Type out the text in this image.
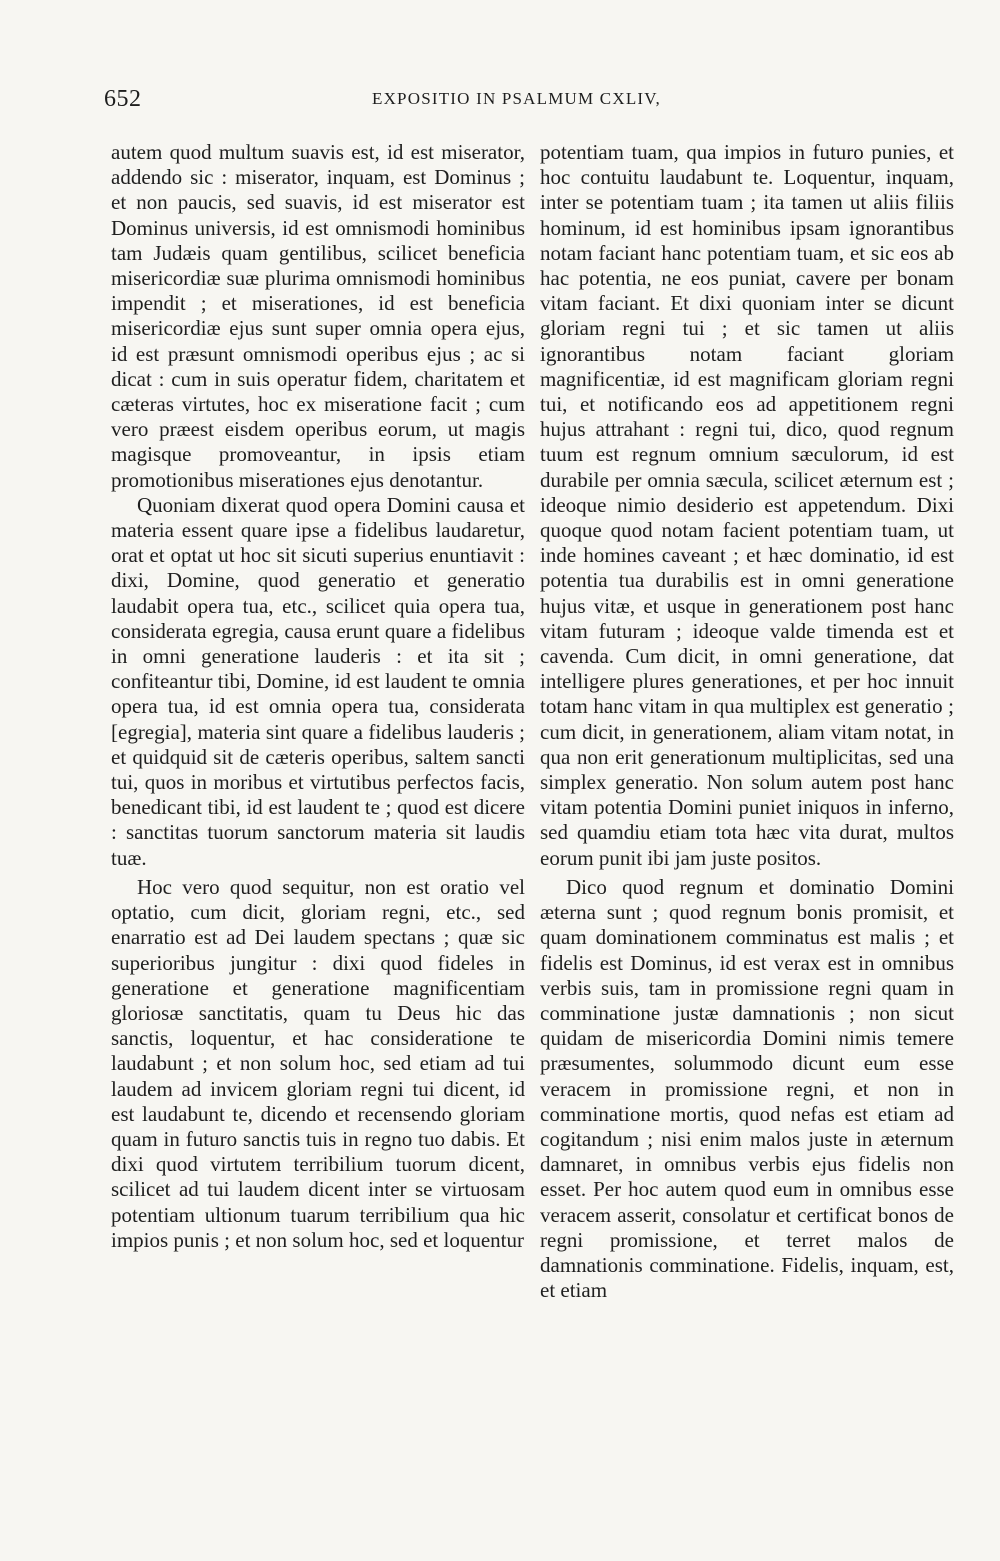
652	EXPOSITIO IN PSALMUM CXLIV,

autem quod multum suavis est, id est miserator, addendo sic : miserator, inquam, est Dominus ; et non paucis, sed suavis, id est miserator est Dominus universis, id est omnismodi hominibus tam Judæis quam gentilibus, scilicet beneficia misericordiæ suæ plurima omnismodi hominibus impendit ; et miserationes, id est beneficia misericordiæ ejus sunt super omnia opera ejus, id est præsunt omnismodi operibus ejus ; ac si dicat : cum in suis operatur fidem, charitatem et cæteras virtutes, hoc ex miseratione facit ; cum vero præest eisdem operibus eorum, ut magis magisque promoveantur, in ipsis etiam promotionibus miserationes ejus denotantur.

Quoniam dixerat quod opera Domini causa et materia essent quare ipse a fidelibus laudaretur, orat et optat ut hoc sit sicuti superius enuntiavit : dixi, Domine, quod generatio et generatio laudabit opera tua, etc., scilicet quia opera tua, considerata egregia, causa erunt quare a fidelibus in omni generatione lauderis : et ita sit ; confiteantur tibi, Domine, id est laudent te omnia opera tua, id est omnia opera tua, considerata [egregia], materia sint quare a fidelibus lauderis ; et quidquid sit de cæteris operibus, saltem sancti tui, quos in moribus et virtutibus perfectos facis, benedicant tibi, id est laudent te ; quod est dicere : sanctitas tuorum sanctorum materia sit laudis tuæ.

Hoc vero quod sequitur, non est oratio vel optatio, cum dicit, gloriam regni, etc., sed enarratio est ad Dei laudem spectans ; quæ sic superioribus jungitur : dixi quod fideles in generatione et generatione magnificentiam gloriosæ sanctitatis, quam tu Deus hic das sanctis, loquentur, et hac consideratione te laudabunt ; et non solum hoc, sed etiam ad tui laudem ad invicem gloriam regni tui dicent, id est laudabunt te, dicendo et recensendo gloriam quam in futuro sanctis tuis in regno tuo dabis. Et dixi quod virtutem terribilium tuorum dicent, scilicet ad tui laudem dicent inter se virtuosam potentiam ultionum tuarum terribilium qua hic impios punis ; et non solum hoc, sed et loquentur

potentiam tuam, qua impios in futuro punies, et hoc contuitu laudabunt te. Loquentur, inquam, inter se potentiam tuam ; ita tamen ut aliis filiis hominum, id est hominibus ipsam ignorantibus notam faciant hanc potentiam tuam, et sic eos ab hac potentia, ne eos puniat, cavere per bonam vitam faciant. Et dixi quoniam inter se dicunt gloriam regni tui ; et sic tamen ut aliis ignorantibus notam faciant gloriam magnificentiæ, id est magnificam gloriam regni tui, et notificando eos ad appetitionem regni hujus attrahant : regni tui, dico, quod regnum tuum est regnum omnium sæculorum, id est durabile per omnia sæcula, scilicet æternum est ; ideoque nimio desiderio est appetendum. Dixi quoque quod notam facient potentiam tuam, ut inde homines caveant ; et hæc dominatio, id est potentia tua durabilis est in omni generatione hujus vitæ, et usque in generationem post hanc vitam futuram ; ideoque valde timenda est et cavenda. Cum dicit, in omni generatione, dat intelligere plures generationes, et per hoc innuit totam hanc vitam in qua multiplex est generatio ; cum dicit, in generationem, aliam vitam notat, in qua non erit generationum multiplicitas, sed una simplex generatio. Non solum autem post hanc vitam potentia Domini puniet iniquos in inferno, sed quamdiu etiam tota hæc vita durat, multos eorum punit ibi jam juste positos.

Dico quod regnum et dominatio Domini æterna sunt ; quod regnum bonis promisit, et quam dominationem comminatus est malis ; et fidelis est Dominus, id est verax est in omnibus verbis suis, tam in promissione regni quam in comminatione justæ damnationis ; non sicut quidam de misericordia Domini nimis temere præsumentes, solummodo dicunt eum esse veracem in promissione regni, et non in comminatione mortis, quod nefas est etiam ad cogitandum ; nisi enim malos juste in æternum damnaret, in omnibus verbis ejus fidelis non esset. Per hoc autem quod eum in omnibus esse veracem asserit, consolatur et certificat bonos de regni promissione, et terret malos de damnationis comminatione. Fidelis, inquam, est, et etiam
